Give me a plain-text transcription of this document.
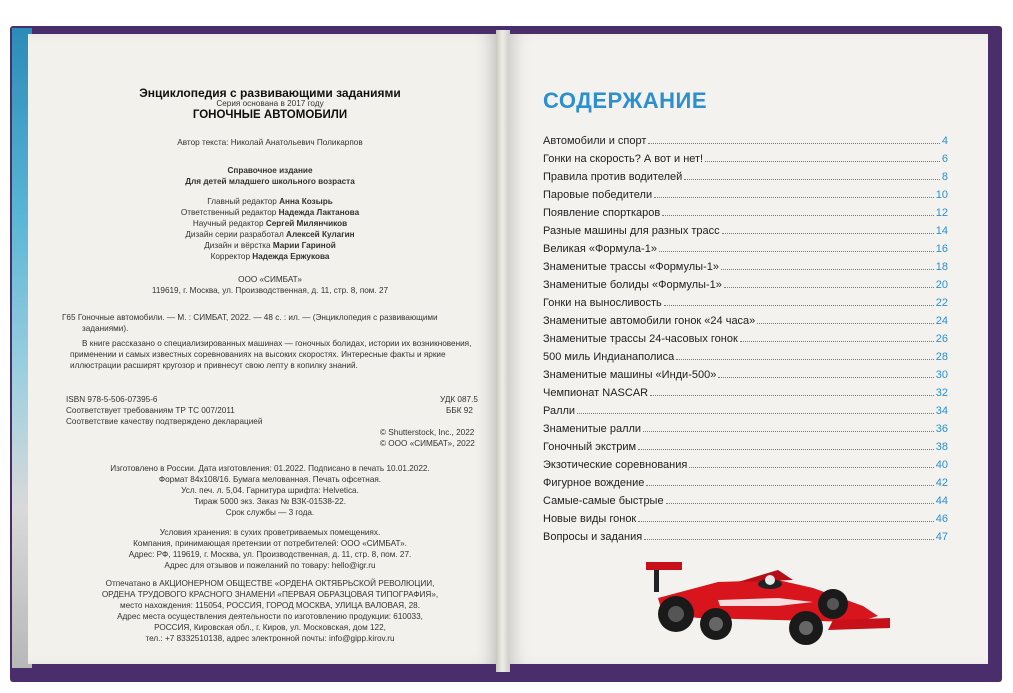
Энциклопедия с развивающими заданиями
Серия основана в 2017 году
ГОНОЧНЫЕ АВТОМОБИЛИ
Автор текста: Николай Анатольевич Поликарпов
Справочное издание
Для детей младшего школьного возраста
Главный редактор Анна Козырь
Ответственный редактор Надежда Лактанова
Научный редактор Сергей Милянчиков
Дизайн серии разработал Алексей Кулагин
Дизайн и вёрстка Марии Гариной
Корректор Надежда Ержукова
ООО «СИМБАТ»
119619, г. Москва, ул. Производственная, д. 11, стр. 8, пом. 27
Г65 Гоночные автомобили. — М. : СИМБАТ, 2022. — 48 с. : ил. — (Энциклопедия с развивающими
заданиями).
В книге рассказано о специализированных машинах — гоночных болидах, истории их возникновения,
применении и самых известных соревнованиях на высоких скоростях. Интересные факты и яркие
иллюстрации расширят кругозор и привнесут свою лепту в копилку знаний.
ISBN 978-5-506-07395-6	УДК 087.5
Соответствует требованиям ТР ТС 007/2011	ББК 92
Соответствие качеству подтверждено декларацией
© Shutterstock, Inc., 2022
© ООО «СИМБАТ», 2022
Изготовлено в России. Дата изготовления: 01.2022. Подписано в печать 10.01.2022.
Формат 84х108/16. Бумага мелованная. Печать офсетная.
Усл. печ. л. 5,04. Гарнитура шрифта: Helvetica.
Тираж 5000 экз. Заказ № ВЗК-01538-22.
Срок службы — 3 года.
Условия хранения: в сухих проветриваемых помещениях.
Компания, принимающая претензии от потребителей: ООО «СИМБАТ».
Адрес: РФ, 119619, г. Москва, ул. Производственная, д. 11, стр. 8, пом. 27.
Адрес для отзывов и пожеланий по товару: hello@igr.ru
Отпечатано в АКЦИОНЕРНОМ ОБЩЕСТВЕ «ОРДЕНА ОКТЯБРЬСКОЙ РЕВОЛЮЦИИ,
ОРДЕНА ТРУДОВОГО КРАСНОГО ЗНАМЕНИ «ПЕРВАЯ ОБРАЗЦОВАЯ ТИПОГРАФИЯ»,
место нахождения: 115054, РОССИЯ, ГОРОД МОСКВА, УЛИЦА ВАЛОВАЯ, 28.
Адрес места осуществления деятельности по изготовлению продукции: 610033,
РОССИЯ, Кировская обл., г. Киров, ул. Московская, дом 122,
тел.: +7 8332510138, адрес электронной почты: info@gipp.kirov.ru
СОДЕРЖАНИЕ
Автомобили и спорт	4
Гонки на скорость? А вот и нет!	6
Правила против водителей	8
Паровые победители	10
Появление спорткаров	12
Разные машины для разных трасс	14
Великая «Формула-1»	16
Знаменитые трассы «Формулы-1»	18
Знаменитые болиды «Формулы-1»	20
Гонки на выносливость	22
Знаменитые автомобили гонок «24 часа»	24
Знаменитые трассы 24-часовых гонок	26
500 миль Индианаполиса	28
Знаменитые машины «Инди-500»	30
Чемпионат NASCAR	32
Ралли	34
Знаменитые ралли	36
Гоночный экстрим	38
Экзотические соревнования	40
Фигурное вождение	42
Самые-самые быстрые	44
Новые виды гонок	46
Вопросы и задания	47
